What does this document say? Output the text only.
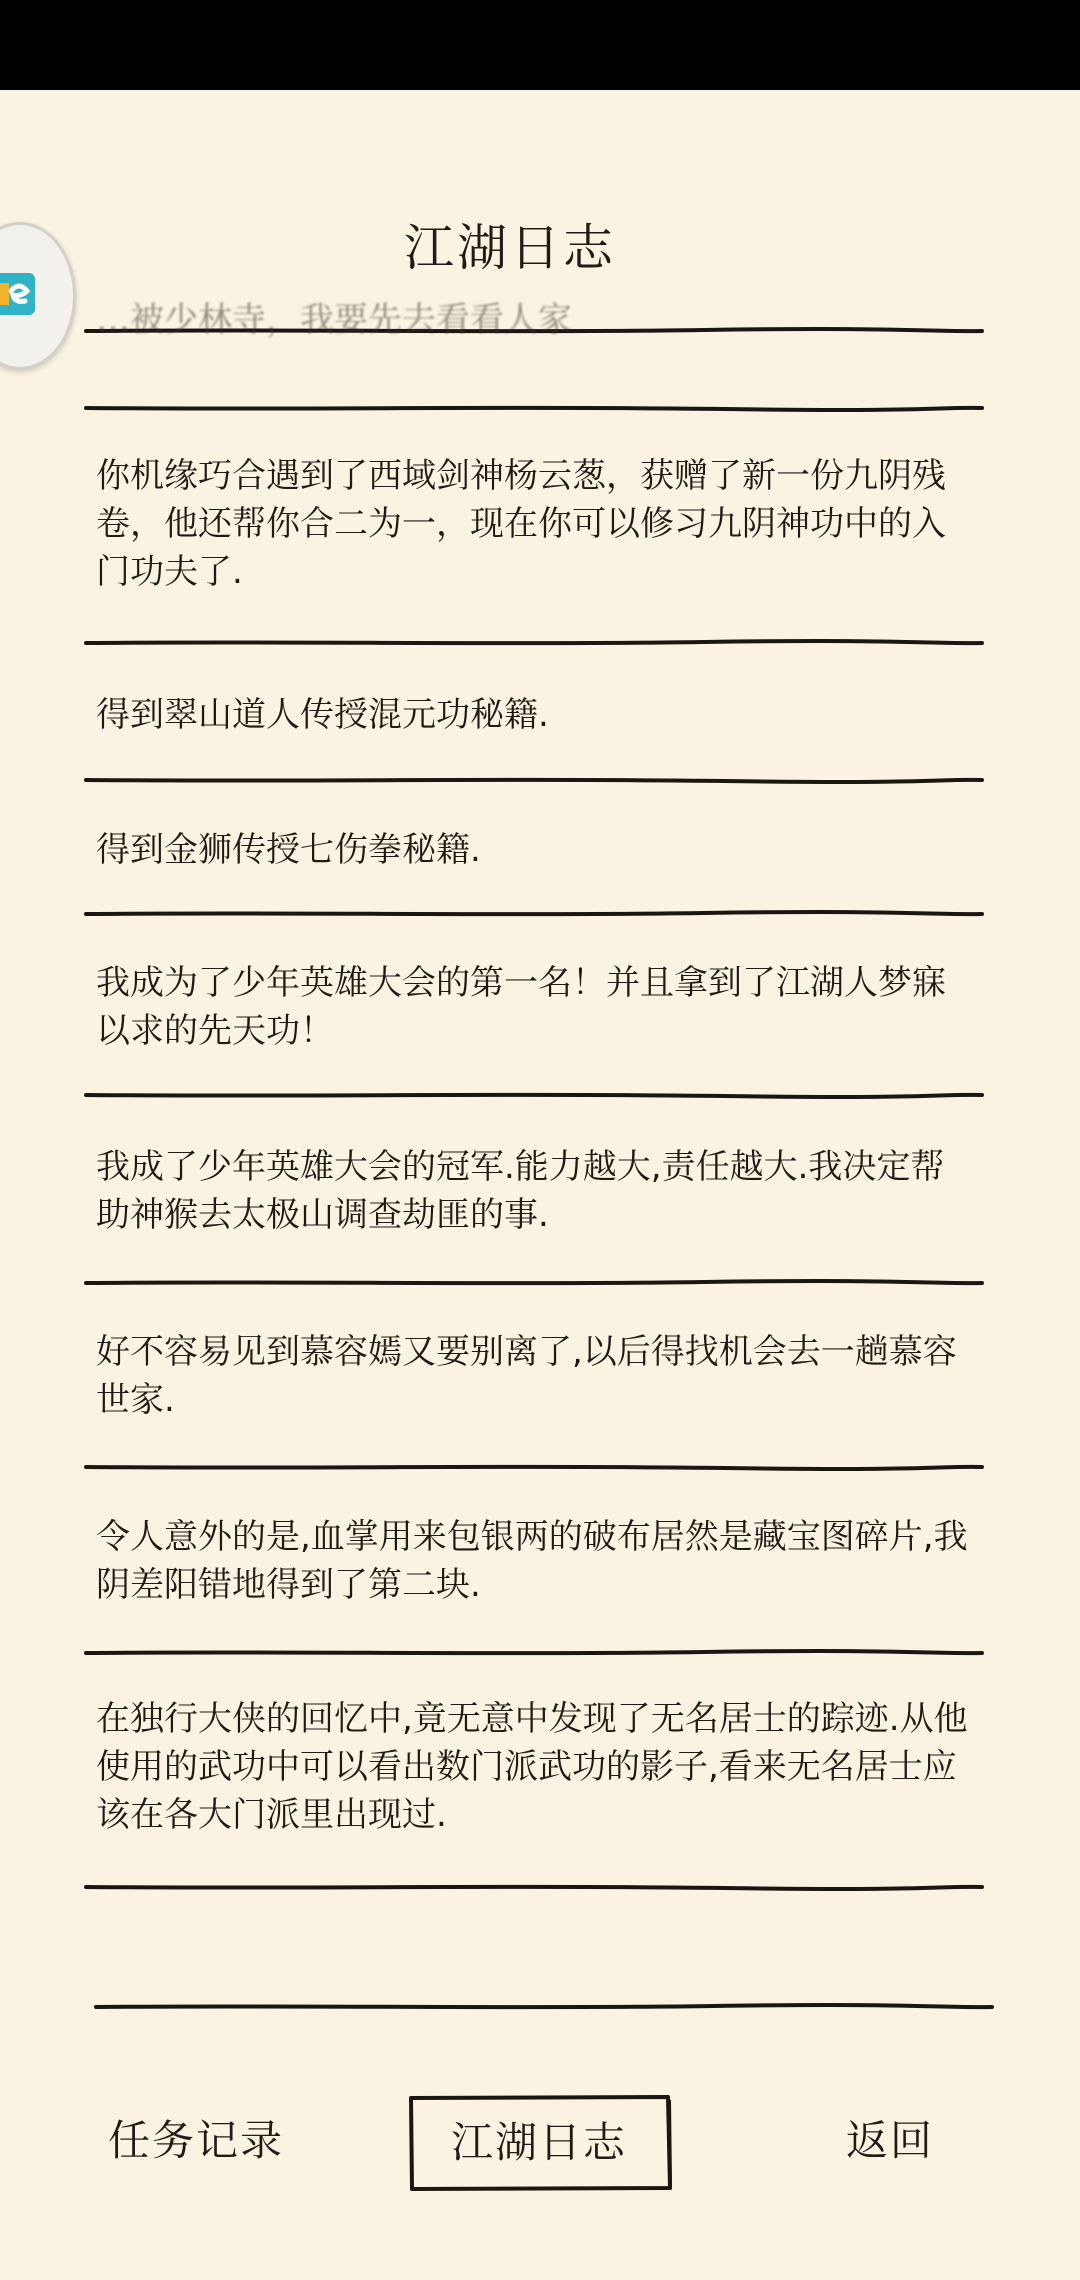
江湖日志
…被少林寺，我要先去看看人家
你机缘巧合遇到了西域剑神杨云葱，获赠了新一份九阴残卷，他还帮你合二为一，现在你可以修习九阴神功中的入门功夫了.
得到翠山道人传授混元功秘籍.
得到金狮传授七伤拳秘籍.
我成为了少年英雄大会的第一名！并且拿到了江湖人梦寐以求的先天功！
我成了少年英雄大会的冠军.能力越大,责任越大.我决定帮助神猴去太极山调查劫匪的事.
好不容易见到慕容嫣又要别离了,以后得找机会去一趟慕容世家.
令人意外的是,血掌用来包银两的破布居然是藏宝图碎片,我阴差阳错地得到了第二块.
在独行大侠的回忆中,竟无意中发现了无名居士的踪迹.从他使用的武功中可以看出数门派武功的影子,看来无名居士应该在各大门派里出现过.
任务记录	江湖日志	返回
